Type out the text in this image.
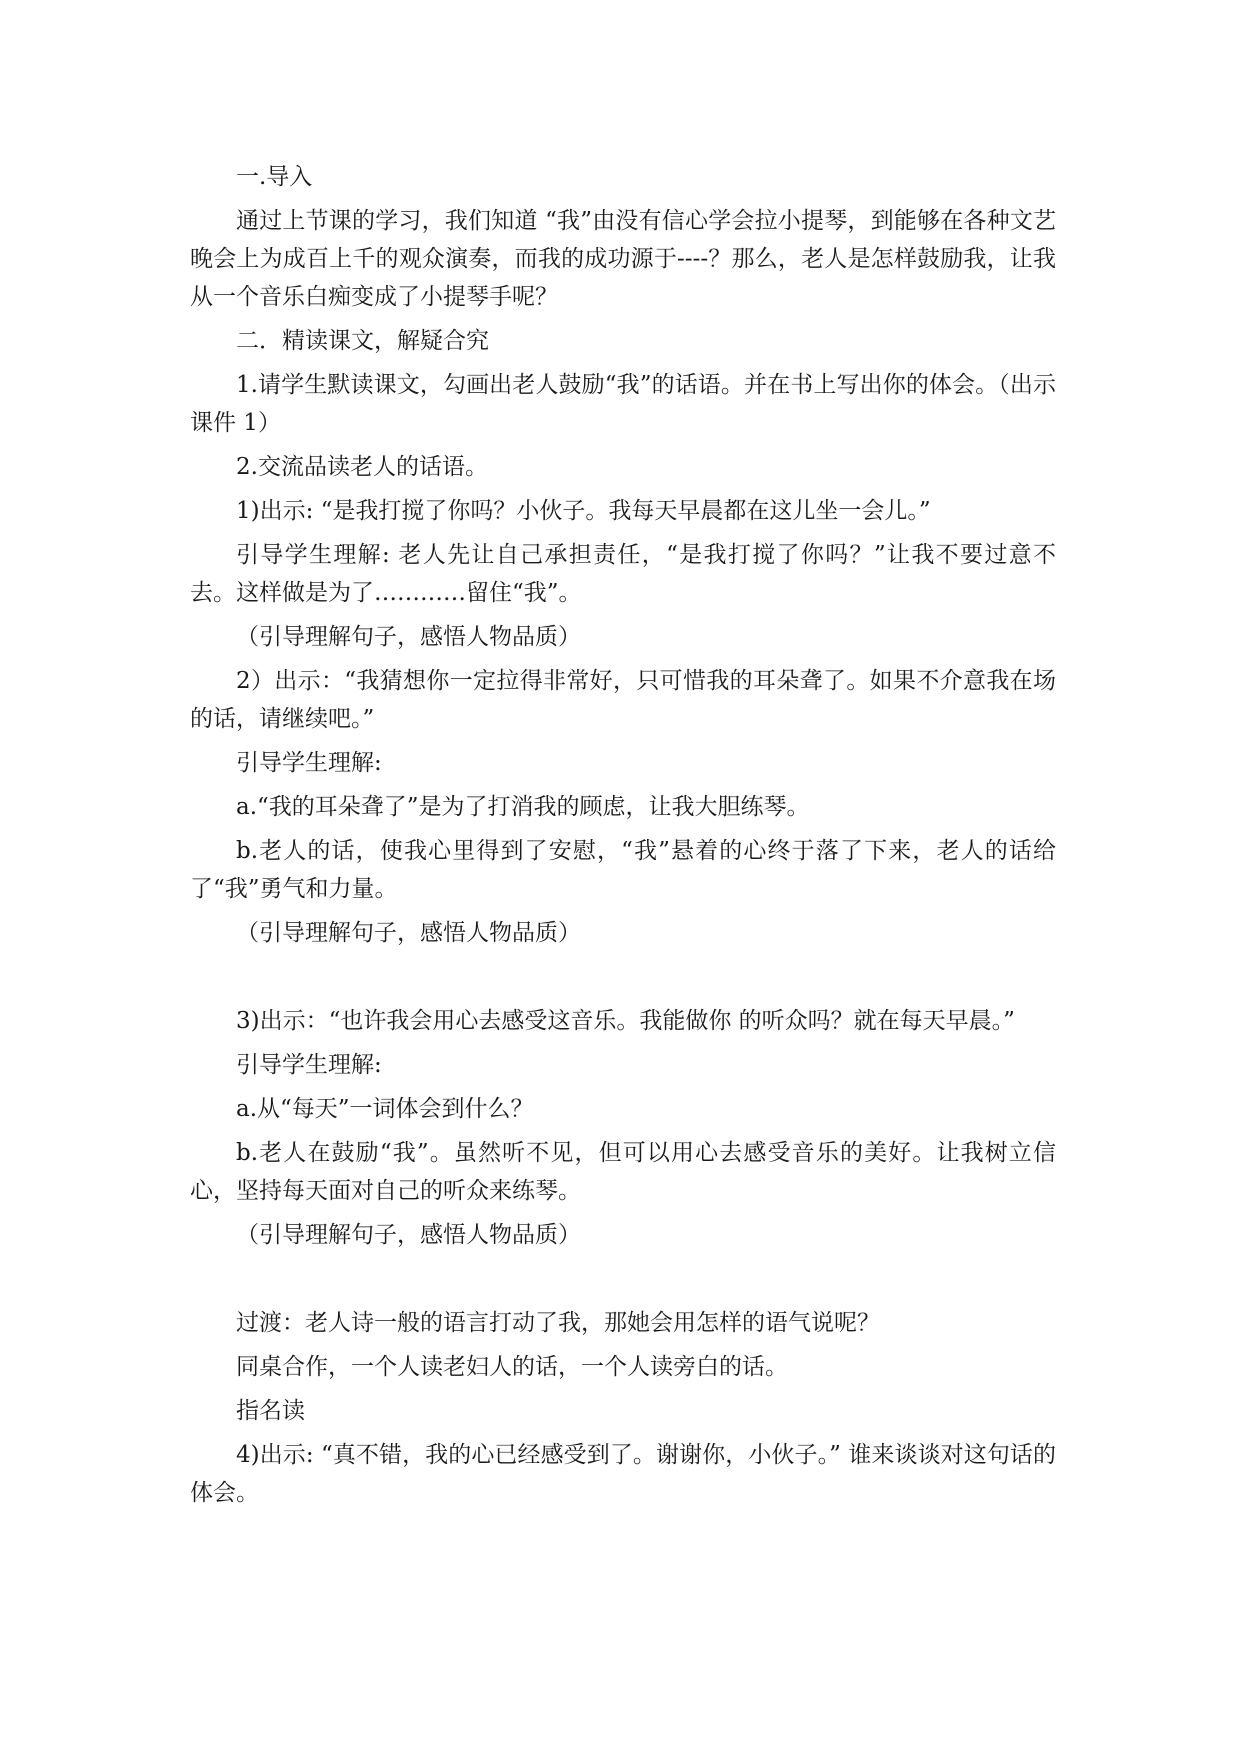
一.导入

通过上节课的学习，我们知道 “我”由没有信心学会拉小提琴，到能够在各种文艺晚会上为成百上千的观众演奏，而我的成功源于----？那么，老人是怎样鼓励我，让我从一个音乐白痴变成了小提琴手呢？

二．精读课文，解疑合究

1.请学生默读课文，勾画出老人鼓励“我”的话语。并在书上写出你的体会。（出示课件 1）

2.交流品读老人的话语。

1)出示: “是我打搅了你吗？小伙子。我每天早晨都在这儿坐一会儿。”

引导学生理解: 老人先让自己承担责任，“是我打搅了你吗？”让我不要过意不去。这样做是为了…………留住“我”。

（引导理解句子，感悟人物品质）

2）出示：“我猜想你一定拉得非常好，只可惜我的耳朵聋了。如果不介意我在场的话，请继续吧。”

引导学生理解:

a.“我的耳朵聋了”是为了打消我的顾虑，让我大胆练琴。

b.老人的话，使我心里得到了安慰，“我”悬着的心终于落了下来，老人的话给了“我”勇气和力量。

（引导理解句子，感悟人物品质）

3)出示：“也许我会用心去感受这音乐。我能做你 的听众吗？就在每天早晨。”

引导学生理解:

a.从“每天”一词体会到什么？

b.老人在鼓励“我”。虽然听不见，但可以用心去感受音乐的美好。让我树立信心，坚持每天面对自己的听众来练琴。

（引导理解句子，感悟人物品质）

过渡：老人诗一般的语言打动了我，那她会用怎样的语气说呢？

同桌合作，一个人读老妇人的话，一个人读旁白的话。

指名读

4)出示: “真不错，我的心已经感受到了。谢谢你，小伙子。” 谁来谈谈对这句话的体会。
